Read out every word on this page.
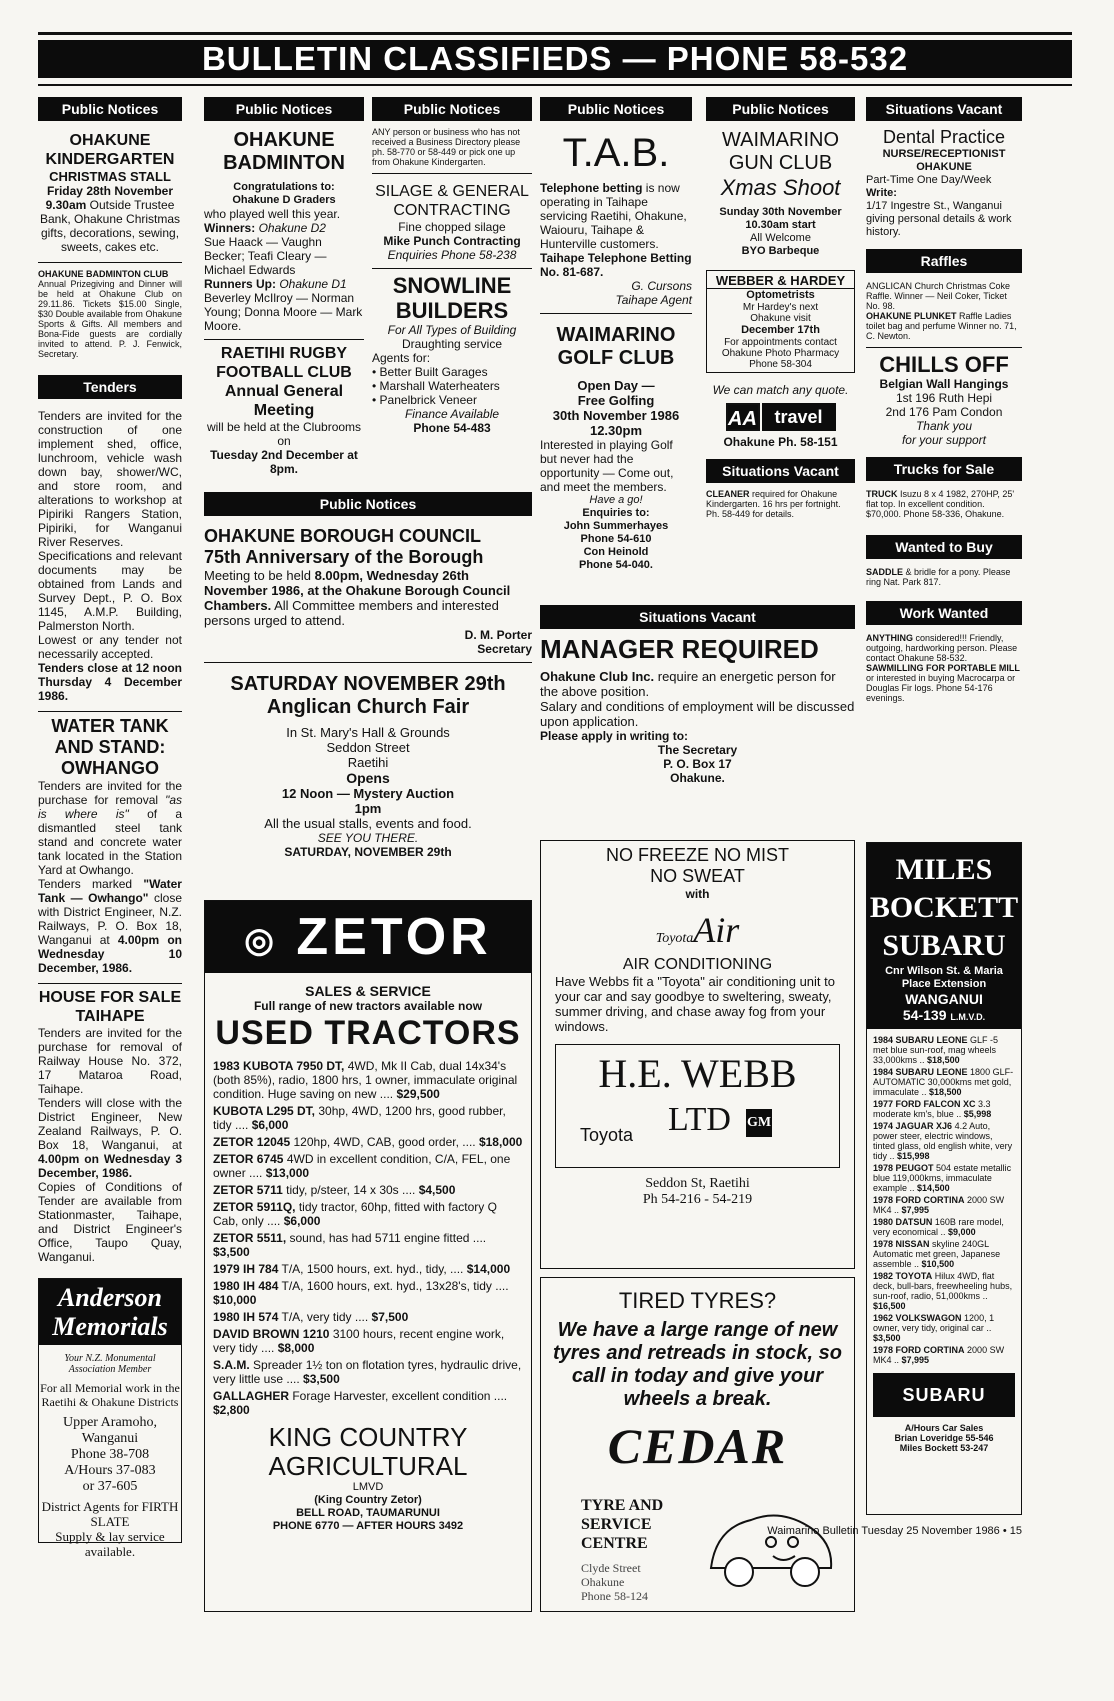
BULLETIN CLASSIFIEDS — PHONE 58-532
Public Notices

OHAKUNE KINDERGARTEN

CHRISTMAS STALL

Friday 28th November

9.30am Outside Trustee Bank, Ohakune Christmas gifts, decorations, sewing, sweets, cakes etc.

OHAKUNE BADMINTON CLUB

Annual Prizegiving and Dinner will be held at Ohakune Club on 29.11.86. Tickets $15.00 Single, $30 Double available from Ohakune Sports & Gifts. All members and Bona-Fide guests are cordially invited to attend. P. J. Fenwick, Secretary.

Tenders

Tenders are invited for the construction of one implement shed, office, lunchroom, vehicle wash down bay, shower/WC, and store room, and alterations to workshop at Pipiriki Rangers Station, Pipiriki, for Wanganui River Reserves.

Specifications and relevant documents may be obtained from Lands and Survey Dept., P. O. Box 1145, A.M.P. Building, Palmerston North.

Lowest or any tender not necessarily accepted.

Tenders close at 12 noon Thursday 4 December 1986.

WATER TANK AND STAND: OWHANGO

Tenders are invited for the purchase for removal "as is where is" of a dismantled steel tank stand and concrete water tank located in the Station Yard at Owhango.

Tenders marked "Water Tank — Owhango" close with District Engineer, N.Z. Railways, P. O. Box 18, Wanganui at 4.00pm on Wednesday 10 December, 1986.

HOUSE FOR SALE TAIHAPE

Tenders are invited for the purchase for removal of Railway House No. 372, 17 Mataroa Road, Taihape.

Tenders will close with the District Engineer, New Zealand Railways, P. O. Box 18, Wanganui, at 4.00pm on Wednesday 3 December, 1986.

Copies of Conditions of Tender are available from Stationmaster, Taihape, and District Engineer's Office, Taupo Quay, Wanganui.

Anderson

Memorials

Your N.Z. Monumental

Association Member

For all Memorial work in the Raetihi & Ohakune Districts

Upper Aramoho, Wanganui

Phone 38-708

A/Hours 37-083

or 37-605

District Agents for FIRTH SLATE

Supply & lay service available.

Public Notices

OHAKUNE BADMINTON

Congratulations to:

Ohakune D Graders

who played well this year.

Winners: Ohakune D2

Sue Haack — Vaughn Becker; Teafi Cleary — Michael Edwards

Runners Up: Ohakune D1

Beverley McIlroy — Norman Young; Donna Moore — Mark Moore.

RAETIHI RUGBY FOOTBALL CLUB

Annual General Meeting

will be held at the Clubrooms on

Tuesday 2nd December at 8pm.

Public Notices

ANY person or business who has not received a Business Directory please ph. 58-770 or 58-449 or pick one up from Ohakune Kindergarten.

SILAGE & GENERAL CONTRACTING

Fine chopped silage

Mike Punch Contracting

Enquiries Phone 58-238

SNOWLINE BUILDERS

For All Types of Building

Draughting service

Agents for:

• Better Built Garages

• Marshall Waterheaters

• Panelbrick Veneer

Finance Available

Phone 54-483

Public Notices

OHAKUNE BOROUGH COUNCIL

75th Anniversary of the Borough

Meeting to be held 8.00pm, Wednesday 26th November 1986, at the Ohakune Borough Council Chambers. All Committee members and interested persons urged to attend.

D. M. Porter

Secretary

SATURDAY NOVEMBER 29th

Anglican Church Fair

In St. Mary's Hall & Grounds

Seddon Street

Raetihi

Opens

12 Noon — Mystery Auction

1pm

All the usual stalls, events and food.

SEE YOU THERE.

SATURDAY, NOVEMBER 29th

◎ ZETOR

SALES & SERVICE

Full range of new tractors available now

USED TRACTORS

1983 KUBOTA 7950 DT, 4WD, Mk II Cab, dual 14x34's (both 85%), radio, 1800 hrs, 1 owner, immaculate original condition. Huge saving on new .... $29,500

KUBOTA L295 DT, 30hp, 4WD, 1200 hrs, good rubber, tidy .... $6,000

ZETOR 12045 120hp, 4WD, CAB, good order, .... $18,000

ZETOR 6745 4WD in excellent condition, C/A, FEL, one owner .... $13,000

ZETOR 5711 tidy, p/steer, 14 x 30s .... $4,500

ZETOR 5911Q, tidy tractor, 60hp, fitted with factory Q Cab, only .... $6,000

ZETOR 5511, sound, has had 5711 engine fitted .... $3,500

1979 IH 784 T/A, 1500 hours, ext. hyd., tidy, .... $14,000

1980 IH 484 T/A, 1600 hours, ext. hyd., 13x28's, tidy .... $10,000

1980 IH 574 T/A, very tidy .... $7,500

DAVID BROWN 1210 3100 hours, recent engine work, very tidy .... $8,000

S.A.M. Spreader 1½ ton on flotation tyres, hydraulic drive, very little use .... $3,500

GALLAGHER Forage Harvester, excellent condition .... $2,800

KING COUNTRY AGRICULTURAL

LMVD

(King Country Zetor)

BELL ROAD, TAUMARUNUI

PHONE 6770 — AFTER HOURS 3492

Public Notices

T.A.B.

Telephone betting is now operating in Taihape servicing Raetihi, Ohakune, Waiouru, Taihape & Hunterville customers.

Taihape Telephone Betting No. 81-687.

G. Cursons

Taihape Agent

WAIMARINO GOLF CLUB

Open Day —

Free Golfing

30th November 1986

12.30pm

Interested in playing Golf but never had the opportunity — Come out, and meet the members.

Have a go!

Enquiries to:

John Summerhayes

Phone 54-610

Con Heinold

Phone 54-040.

Public Notices

WAIMARINO GUN CLUB

Xmas Shoot

Sunday 30th November

10.30am start

All Welcome

BYO Barbeque

WEBBER & HARDEY

Optometrists

Mr Hardey's next

Ohakune visit

December 17th

For appointments contact Ohakune Photo Pharmacy

Phone 58-304

We can match any quote.

AA travel

Ohakune Ph. 58-151

Situations Vacant

CLEANER required for Ohakune Kindergarten. 16 hrs per fortnight. Ph. 58-449 for details.

Situations Vacant

MANAGER REQUIRED

Ohakune Club Inc. require an energetic person for the above position.

Salary and conditions of employment will be discussed upon application.

Please apply in writing to:

The Secretary

P. O. Box 17

Ohakune.

NO FREEZE NO MIST

NO SWEAT

with

ToyotaAir

AIR CONDITIONING

Have Webbs fit a "Toyota" air conditioning unit to your car and say goodbye to sweltering, sweaty, summer driving, and chase away fog from your windows.

H.E. WEBB

Toyota LTD GM

Seddon St, Raetihi

Ph 54-216 - 54-219

TIRED TYRES?

We have a large range of new tyres and retreads in stock, so call in today and give your wheels a break.

CEDAR

TYRE AND

SERVICE

CENTRE

Clyde Street

Ohakune

Phone 58-124

Situations Vacant

Dental Practice

NURSE/RECEPTIONIST

OHAKUNE

Part-Time One Day/Week

Write:

1/17 Ingestre St., Wanganui giving personal details & work history.

Raffles

ANGLICAN Church Christmas Coke Raffle. Winner — Neil Coker, Ticket No. 98.

OHAKUNE PLUNKET Raffle Ladies toilet bag and perfume Winner no. 71, C. Newton.

CHILLS OFF

Belgian Wall Hangings

1st 196 Ruth Hepi

2nd 176 Pam Condon

Thank you

for your support

Trucks for Sale

TRUCK Isuzu 8 x 4 1982, 270HP, 25' flat top. In excellent condition. $70,000. Phone 58-336, Ohakune.

Wanted to Buy

SADDLE & bridle for a pony. Please ring Nat. Park 817.

Work Wanted

ANYTHING considered!!! Friendly, outgoing, hardworking person. Please contact Ohakune 58-532.

SAWMILLING FOR PORTABLE MILL or interested in buying Macrocarpa or Douglas Fir logs. Phone 54-176 evenings.

MILES

BOCKETT

SUBARU

Cnr Wilson St. & Maria

Place Extension

WANGANUI

54-139 L.M.V.D.

1984 SUBARU LEONE GLF -5 met blue sun-roof, mag wheels 33,000kms .. $18,500

1984 SUBARU LEONE 1800 GLF-AUTOMATIC 30,000kms met gold, immaculate .. $18,500

1977 FORD FALCON XC 3.3 moderate km's, blue .. $5,998

1974 JAGUAR XJ6 4.2 Auto, power steer, electric windows, tinted glass, old english white, very tidy .. $15,998

1978 PEUGOT 504 estate metallic blue 119,000kms, immaculate example .. $14,500

1978 FORD CORTINA 2000 SW MK4 .. $7,995

1980 DATSUN 160B rare model, very economical .. $9,000

1978 NISSAN skyline 240GL Automatic met green, Japanese assemble .. $10,500

1982 TOYOTA Hilux 4WD, flat deck, bull-bars, freewheeling hubs, sun-roof, radio, 51,000kms .. $16,500

1962 VOLKSWAGON 1200, 1 owner, very tidy, original car .. $3,500

1978 FORD CORTINA 2000 SW MK4 .. $7,995

SUBARU

A/Hours Car Sales

Brian Loveridge 55-546

Miles Bockett 53-247

Waimarino Bulletin Tuesday 25 November 1986 • 15
